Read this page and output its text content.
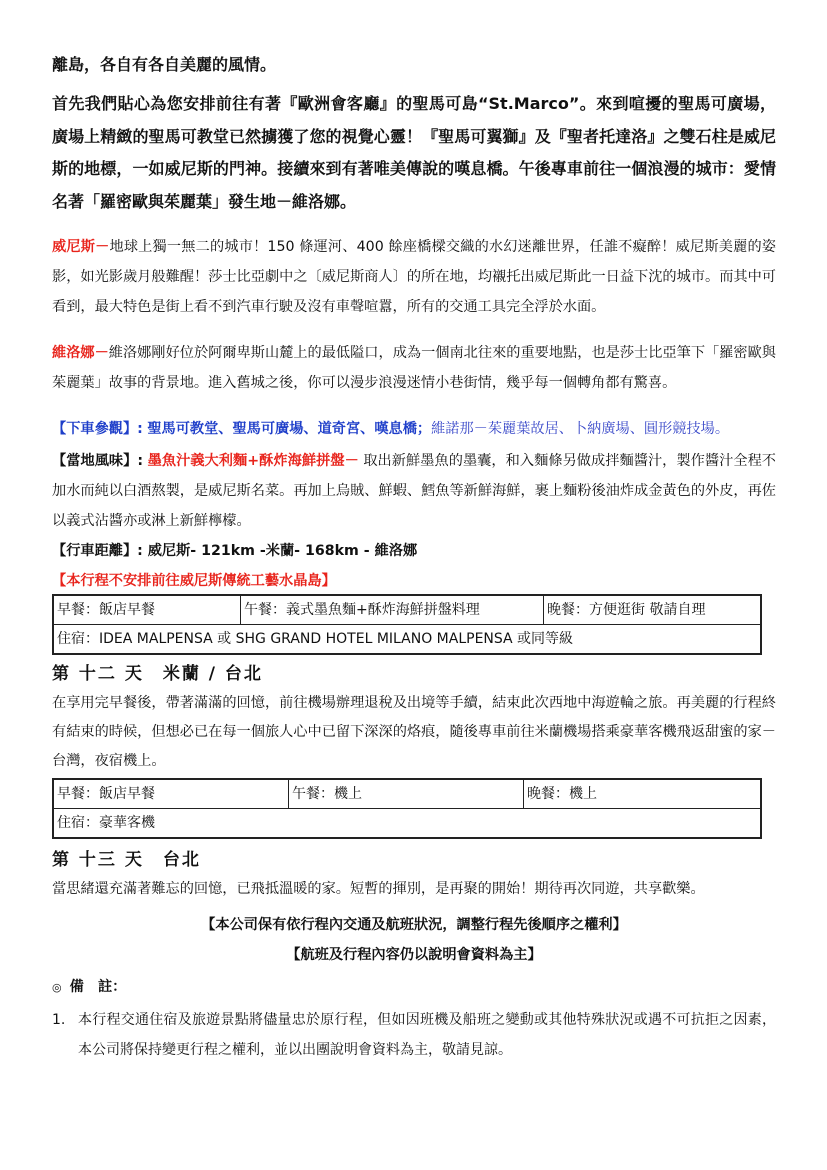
離島，各自有各自美麗的風情。

首先我們貼心為您安排前往有著『歐洲會客廳』的聖馬可島“St.Marco”。來到喧擾的聖馬可廣場，廣場上精緻的聖馬可教堂已然擄獲了您的視覺心靈！『聖馬可翼獅』及『聖者托達洛』之雙石柱是威尼斯的地標，一如威尼斯的門神。接續來到有著唯美傳說的嘆息橋。午後專車前往一個浪漫的城市：愛情名著「羅密歐與茱麗葉」發生地－維洛娜。

威尼斯－地球上獨一無二的城市！150 條運河、400 餘座橋樑交織的水幻迷離世界，任誰不癡醉！威尼斯美麗的姿影，如光影歲月般難醒！莎士比亞劇中之〔威尼斯商人〕的所在地，均襯托出威尼斯此一日益下沈的城市。而其中可看到，最大特色是街上看不到汽車行駛及沒有車聲喧囂，所有的交通工具完全浮於水面。

維洛娜－維洛娜剛好位於阿爾卑斯山麓上的最低隘口，成為一個南北往來的重要地點，也是莎士比亞筆下「羅密歐與茱麗葉」故事的背景地。進入舊城之後，你可以漫步浪漫迷情小巷街情，幾乎每一個轉角都有驚喜。

【下車參觀】: 聖馬可教堂、聖馬可廣場、道奇宮、嘆息橋；維諾那－茱麗葉故居、卜納廣場、圓形競技場。

【當地風味】: 墨魚汁義大利麵+酥炸海鮮拼盤－ 取出新鮮墨魚的墨囊，和入麵條另做成拌麵醬汁，製作醬汁全程不加水而純以白酒熬製，是威尼斯名菜。再加上烏賊、鮮蝦、鱈魚等新鮮海鮮，裹上麵粉後油炸成金黃色的外皮，再佐以義式沾醬亦或淋上新鮮檸檬。

【行車距離】: 威尼斯- 121km -米蘭- 168km - 維洛娜

【本行程不安排前往威尼斯傳統工藝水晶島】

早餐：飯店早餐	午餐：義式墨魚麵+酥炸海鮮拼盤料理	晚餐：方便逛街 敬請自理
住宿：IDEA MALPENSA 或 SHG GRAND HOTEL MILANO MALPENSA 或同等級

第 十二 天　米蘭 / 台北

在享用完早餐後，帶著滿滿的回憶，前往機場辦理退稅及出境等手續，結束此次西地中海遊輪之旅。再美麗的行程終有結束的時候，但想必已在每一個旅人心中已留下深深的烙痕，隨後專車前往米蘭機場搭乘豪華客機飛返甜蜜的家－台灣，夜宿機上。

早餐：飯店早餐	午餐：機上	晚餐：機上
住宿：豪華客機

第 十三 天　台北

當思緒還充滿著難忘的回憶，已飛抵溫暖的家。短暫的揮別，是再聚的開始！期待再次同遊，共享歡樂。

【本公司保有依行程內交通及航班狀況，調整行程先後順序之權利】

【航班及行程內容仍以說明會資料為主】

◎ 備　註：

1. 本行程交通住宿及旅遊景點將儘量忠於原行程，但如因班機及船班之變動或其他特殊狀況或遇不可抗拒之因素，本公司將保持變更行程之權利，並以出團說明會資料為主，敬請見諒。
